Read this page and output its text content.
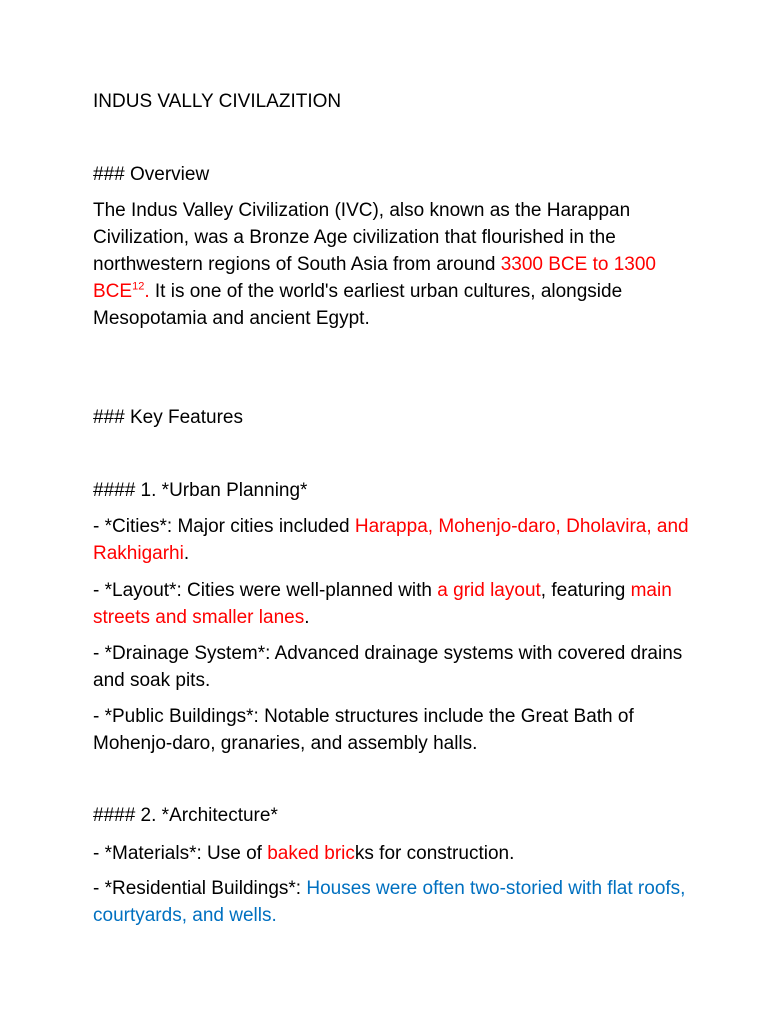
INDUS VALLY CIVILAZITION

### Overview

The Indus Valley Civilization (IVC), also known as the Harappan Civilization, was a Bronze Age civilization that flourished in the northwestern regions of South Asia from around 3300 BCE to 1300 BCE$^{12}$. It is one of the world's earliest urban cultures, alongside Mesopotamia and ancient Egypt.

### Key Features

#### 1. *Urban Planning*

- *Cities*: Major cities included Harappa, Mohenjo-daro, Dholavira, and Rakhigarhi.

- *Layout*: Cities were well-planned with a grid layout, featuring main streets and smaller lanes.

- *Drainage System*: Advanced drainage systems with covered drains and soak pits.

- *Public Buildings*: Notable structures include the Great Bath of Mohenjo-daro, granaries, and assembly halls.

#### 2. *Architecture*

- *Materials*: Use of baked bricks for construction.

- *Residential Buildings*: Houses were often two-storied with flat roofs, courtyards, and wells.
